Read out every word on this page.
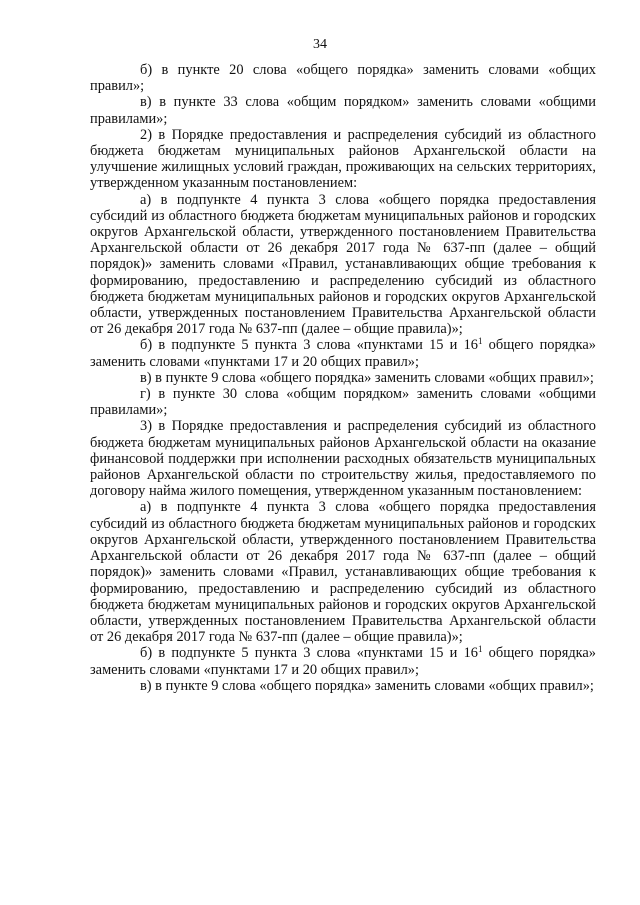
34

б) в пункте 20 слова «общего порядка» заменить словами «общих правил»;

в) в пункте 33 слова «общим порядком» заменить словами «общими правилами»;

2) в Порядке предоставления и распределения субсидий из областного бюджета бюджетам муниципальных районов Архангельской области на улучшение жилищных условий граждан, проживающих на сельских территориях, утвержденном указанным постановлением:

а) в подпункте 4 пункта 3 слова «общего порядка предоставления субсидий из областного бюджета бюджетам муниципальных районов и городских округов Архангельской области, утвержденного постановлением Правительства Архангельской области от 26 декабря 2017 года № 637-пп (далее – общий порядок)» заменить словами «Правил, устанавливающих общие требования к формированию, предоставлению и распределению субсидий из областного бюджета бюджетам муниципальных районов и городских округов Архангельской области, утвержденных постановлением Правительства Архангельской области от 26 декабря 2017 года № 637-пп (далее – общие правила)»;

б) в подпункте 5 пункта 3 слова «пунктами 15 и $16^1$ общего порядка» заменить словами «пунктами 17 и 20 общих правил»;

в) в пункте 9 слова «общего порядка» заменить словами «общих правил»;

г) в пункте 30 слова «общим порядком» заменить словами «общими правилами»;

3) в Порядке предоставления и распределения субсидий из областного бюджета бюджетам муниципальных районов Архангельской области на оказание финансовой поддержки при исполнении расходных обязательств муниципальных районов Архангельской области по строительству жилья, предоставляемого по договору найма жилого помещения, утвержденном указанным постановлением:

а) в подпункте 4 пункта 3 слова «общего порядка предоставления субсидий из областного бюджета бюджетам муниципальных районов и городских округов Архангельской области, утвержденного постановлением Правительства Архангельской области от 26 декабря 2017 года № 637-пп (далее – общий порядок)» заменить словами «Правил, устанавливающих общие требования к формированию, предоставлению и распределению субсидий из областного бюджета бюджетам муниципальных районов и городских округов Архангельской области, утвержденных постановлением Правительства Архангельской области от 26 декабря 2017 года № 637-пп (далее – общие правила)»;

б) в подпункте 5 пункта 3 слова «пунктами 15 и $16^1$ общего порядка» заменить словами «пунктами 17 и 20 общих правил»;

в) в пункте 9 слова «общего порядка» заменить словами «общих правил»;
